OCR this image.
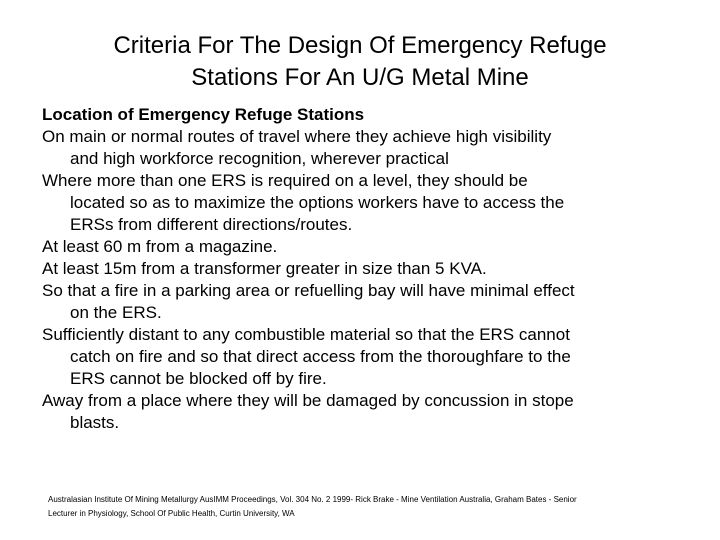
Criteria For The Design Of Emergency Refuge
Stations For An U/G Metal Mine
Location of Emergency Refuge Stations
On main or normal routes of travel where they achieve high visibility
and high workforce recognition, wherever practical
Where more than one ERS is required on a level, they should be
located so as to maximize the options workers have to access the
ERSs from different directions/routes.
At least 60 m from a magazine.
At least 15m from a transformer greater in size than 5 KVA.
So that a fire in a parking area or refuelling bay will have minimal effect
on the ERS.
Sufficiently distant to any combustible material so that the ERS cannot
catch on fire and so that direct access from the thoroughfare to the
ERS cannot be blocked off by fire.
Away from a place where they will be damaged by concussion in stope
blasts.

Australasian Institute Of Mining Metallurgy AusIMM Proceedings, Vol. 304 No. 2 1999- Rick Brake - Mine Ventilation Australia, Graham Bates - Senior
Lecturer in Physiology, School Of Public Health, Curtin University, WA
